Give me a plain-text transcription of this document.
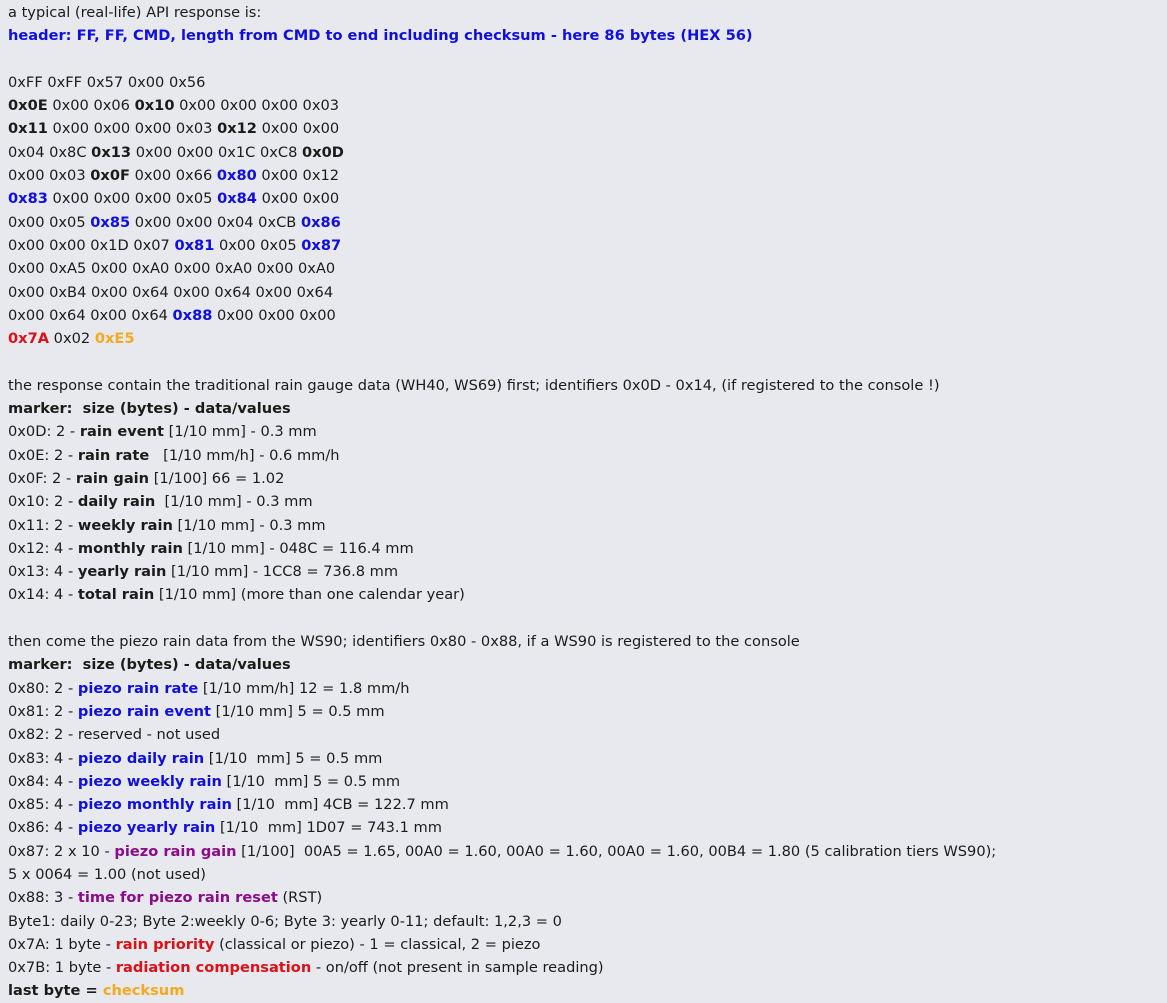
a typical (real-life) API response is:
header: FF, FF, CMD, length from CMD to end including checksum - here 86 bytes (HEX 56)
0xFF 0xFF 0x57 0x00 0x56
0x0E 0x00 0x06 0x10 0x00 0x00 0x00 0x03
0x11 0x00 0x00 0x00 0x03 0x12 0x00 0x00
0x04 0x8C 0x13 0x00 0x00 0x1C 0xC8 0x0D
0x00 0x03 0x0F 0x00 0x66 0x80 0x00 0x12
0x83 0x00 0x00 0x00 0x05 0x84 0x00 0x00
0x00 0x05 0x85 0x00 0x00 0x04 0xCB 0x86
0x00 0x00 0x1D 0x07 0x81 0x00 0x05 0x87
0x00 0xA5 0x00 0xA0 0x00 0xA0 0x00 0xA0
0x00 0xB4 0x00 0x64 0x00 0x64 0x00 0x64
0x00 0x64 0x00 0x64 0x88 0x00 0x00 0x00
0x7A 0x02 0xE5
the response contain the traditional rain gauge data (WH40, WS69) first; identifiers 0x0D - 0x14, (if registered to the console !)
marker:  size (bytes) - data/values
0x0D: 2 - rain event [1/10 mm] - 0.3 mm
0x0E: 2 - rain rate   [1/10 mm/h] - 0.6 mm/h
0x0F: 2 - rain gain [1/100] 66 = 1.02
0x10: 2 - daily rain  [1/10 mm] - 0.3 mm
0x11: 2 - weekly rain [1/10 mm] - 0.3 mm
0x12: 4 - monthly rain [1/10 mm] - 048C = 116.4 mm
0x13: 4 - yearly rain [1/10 mm] - 1CC8 = 736.8 mm
0x14: 4 - total rain [1/10 mm] (more than one calendar year)
then come the piezo rain data from the WS90; identifiers 0x80 - 0x88, if a WS90 is registered to the console
marker:  size (bytes) - data/values
0x80: 2 - piezo rain rate [1/10 mm/h] 12 = 1.8 mm/h
0x81: 2 - piezo rain event [1/10 mm] 5 = 0.5 mm
0x82: 2 - reserved - not used
0x83: 4 - piezo daily rain [1/10  mm] 5 = 0.5 mm
0x84: 4 - piezo weekly rain [1/10  mm] 5 = 0.5 mm
0x85: 4 - piezo monthly rain [1/10  mm] 4CB = 122.7 mm
0x86: 4 - piezo yearly rain [1/10  mm] 1D07 = 743.1 mm
0x87: 2 x 10 - piezo rain gain [1/100]  00A5 = 1.65, 00A0 = 1.60, 00A0 = 1.60, 00A0 = 1.60, 00B4 = 1.80 (5 calibration tiers WS90);
5 x 0064 = 1.00 (not used)
0x88: 3 - time for piezo rain reset (RST)
Byte1: daily 0-23; Byte 2:weekly 0-6; Byte 3: yearly 0-11; default: 1,2,3 = 0
0x7A: 1 byte - rain priority (classical or piezo) - 1 = classical, 2 = piezo
0x7B: 1 byte - radiation compensation - on/off (not present in sample reading)
last byte = checksum
